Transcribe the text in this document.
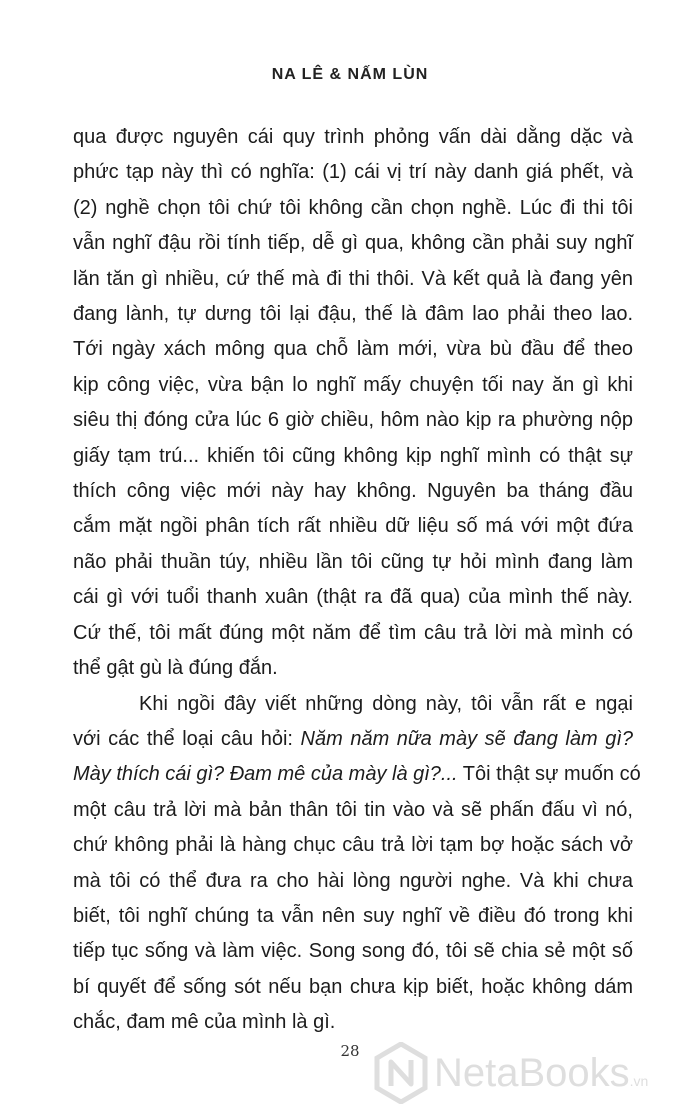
NA LÊ & NẤM LÙN

qua được nguyên cái quy trình phỏng vấn dài dằng dặc và
phức tạp này thì có nghĩa: (1) cái vị trí này danh giá phết, và
(2) nghề chọn tôi chứ tôi không cần chọn nghề. Lúc đi thi tôi
vẫn nghĩ đậu rồi tính tiếp, dễ gì qua, không cần phải suy nghĩ
lăn tăn gì nhiều, cứ thế mà đi thi thôi. Và kết quả là đang yên
đang lành, tự dưng tôi lại đậu, thế là đâm lao phải theo lao.
Tới ngày xách mông qua chỗ làm mới, vừa bù đầu để theo
kịp công việc, vừa bận lo nghĩ mấy chuyện tối nay ăn gì khi
siêu thị đóng cửa lúc 6 giờ chiều, hôm nào kịp ra phường nộp
giấy tạm trú... khiến tôi cũng không kịp nghĩ mình có thật sự
thích công việc mới này hay không. Nguyên ba tháng đầu
cắm mặt ngồi phân tích rất nhiều dữ liệu số má với một đứa
não phải thuần túy, nhiều lần tôi cũng tự hỏi mình đang làm
cái gì với tuổi thanh xuân (thật ra đã qua) của mình thế này.
Cứ thế, tôi mất đúng một năm để tìm câu trả lời mà mình có
thể gật gù là đúng đắn.

Khi ngồi đây viết những dòng này, tôi vẫn rất e ngại
với các thể loại câu hỏi: Năm năm nữa mày sẽ đang làm gì?
Mày thích cái gì? Đam mê của mày là gì?... Tôi thật sự muốn có
một câu trả lời mà bản thân tôi tin vào và sẽ phấn đấu vì nó,
chứ không phải là hàng chục câu trả lời tạm bợ hoặc sách vở
mà tôi có thể đưa ra cho hài lòng người nghe. Và khi chưa
biết, tôi nghĩ chúng ta vẫn nên suy nghĩ về điều đó trong khi
tiếp tục sống và làm việc. Song song đó, tôi sẽ chia sẻ một số
bí quyết để sống sót nếu bạn chưa kịp biết, hoặc không dám
chắc, đam mê của mình là gì.

28	NetaBooks.vn
